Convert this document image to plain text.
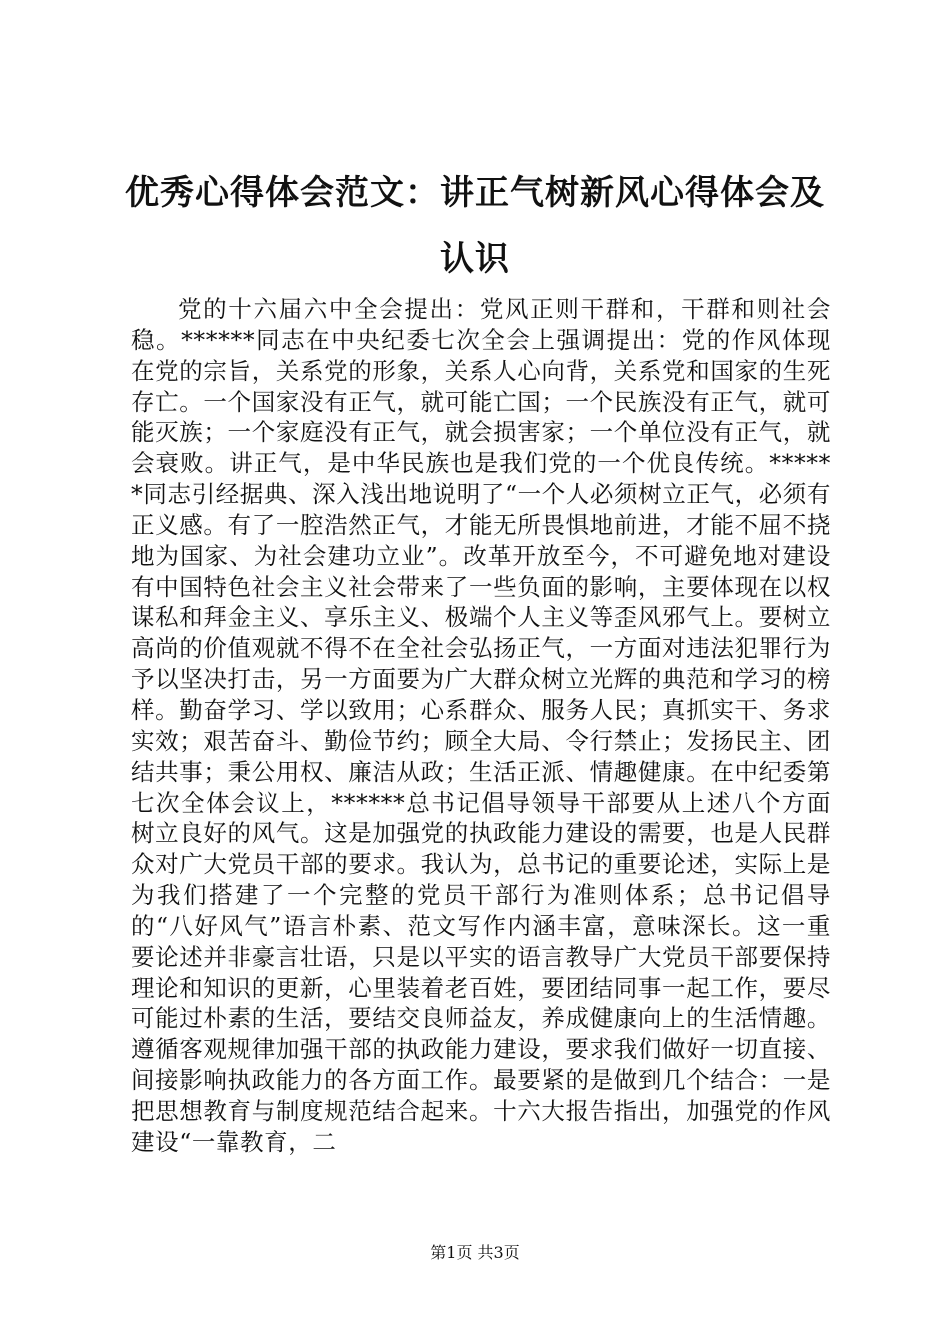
优秀心得体会范文：讲正气树新风心得体会及认识

党的十六届六中全会提出：党风正则干群和，干群和则社会稳。******同志在中央纪委七次全会上强调提出：党的作风体现在党的宗旨，关系党的形象，关系人心向背，关系党和国家的生死存亡。一个国家没有正气，就可能亡国；一个民族没有正气，就可能灭族；一个家庭没有正气，就会损害家；一个单位没有正气，就会衰败。讲正气，是中华民族也是我们党的一个优良传统。******同志引经据典、深入浅出地说明了“一个人必须树立正气，必须有正义感。有了一腔浩然正气，才能无所畏惧地前进，才能不屈不挠地为国家、为社会建功立业”。改革开放至今，不可避免地对建设有中国特色社会主义社会带来了一些负面的影响，主要体现在以权谋私和拜金主义、享乐主义、极端个人主义等歪风邪气上。要树立高尚的价值观就不得不在全社会弘扬正气，一方面对违法犯罪行为予以坚决打击，另一方面要为广大群众树立光辉的典范和学习的榜样。勤奋学习、学以致用；心系群众、服务人民；真抓实干、务求实效；艰苦奋斗、勤俭节约；顾全大局、令行禁止；发扬民主、团结共事；秉公用权、廉洁从政；生活正派、情趣健康。在中纪委第七次全体会议上，******总书记倡导领导干部要从上述八个方面树立良好的风气。这是加强党的执政能力建设的需要，也是人民群众对广大党员干部的要求。我认为，总书记的重要论述，实际上是为我们搭建了一个完整的党员干部行为准则体系；总书记倡导的“八好风气”语言朴素、范文写作内涵丰富，意味深长。这一重要论述并非豪言壮语，只是以平实的语言教导广大党员干部要保持理论和知识的更新，心里装着老百姓，要团结同事一起工作，要尽可能过朴素的生活，要结交良师益友，养成健康向上的生活情趣。遵循客观规律加强干部的执政能力建设，要求我们做好一切直接、间接影响执政能力的各方面工作。最要紧的是做到几个结合：一是把思想教育与制度规范结合起来。十六大报告指出，加强党的作风建设“一靠教育，二

第1页 共3页
